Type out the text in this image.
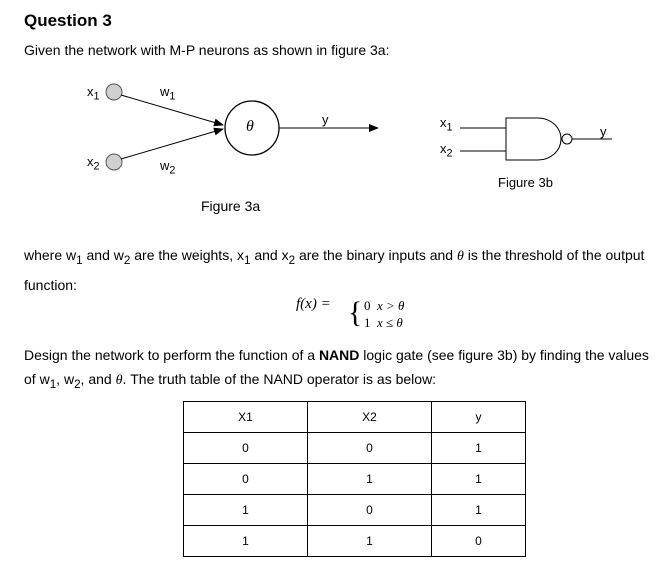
Question 3
Given the network with M-P neurons as shown in figure 3a:
$x_1$
$x_2$
$w_1$
$w_2$
θ	y
Figure 3a
$x_1$
$x_2$
y
Figure 3b
where $w_1$ and $w_2$ are the weights, $x_1$ and $x_2$ are the binary inputs and θ is the threshold of the output function:
f(x) = { 0 x > θ
1 x ≤ θ
Design the network to perform the function of a NAND logic gate (see figure 3b) by finding the values of $w_1$, $w_2$, and θ. The truth table of the NAND operator is as below:
X1	X2	y
0	0	1
0	1	1
1	0	1
1	1	0
